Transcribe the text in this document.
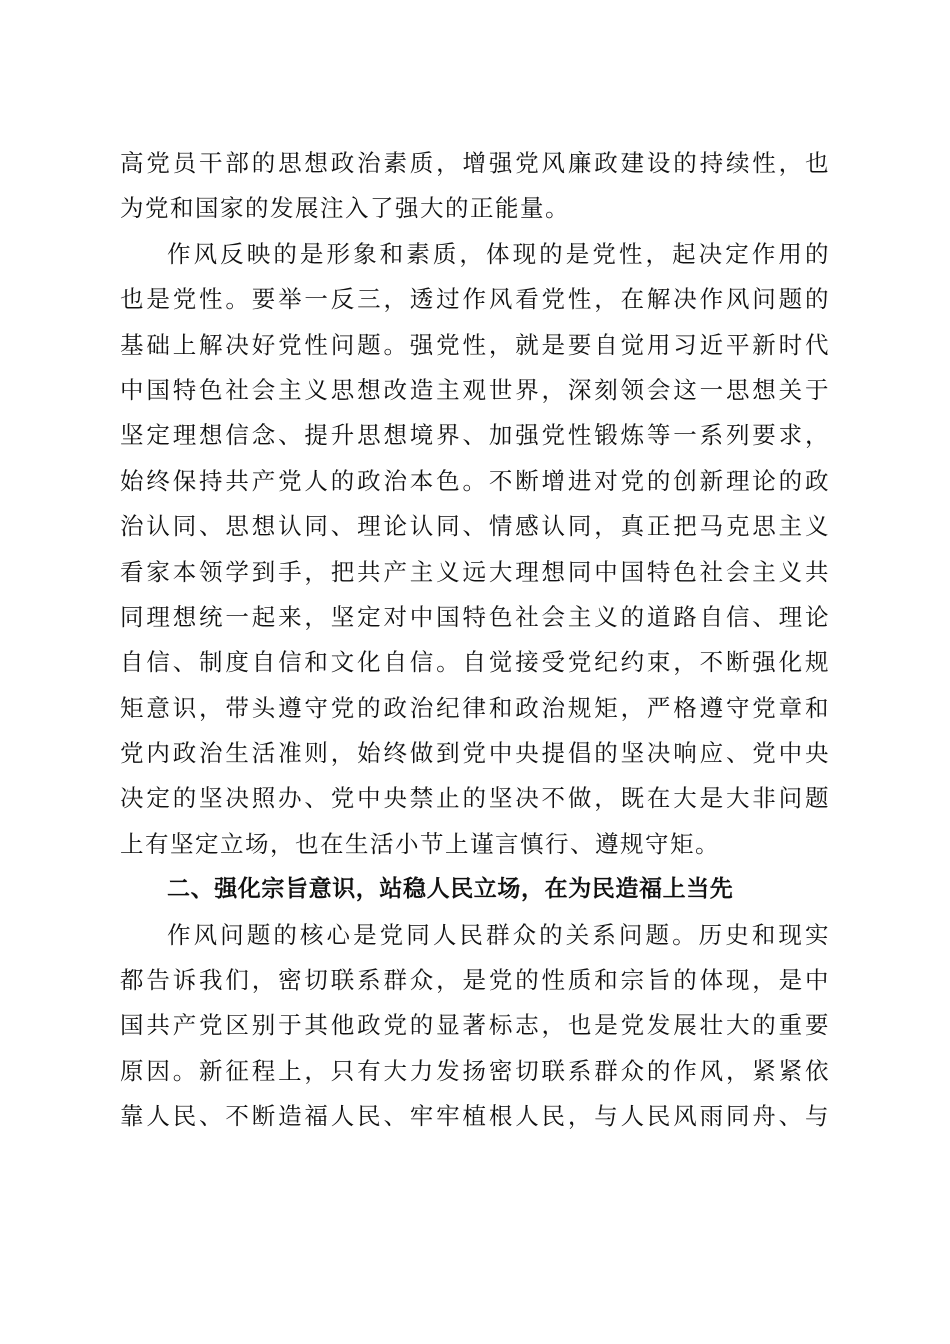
高党员干部的思想政治素质，增强党风廉政建设的持续性，也
为党和国家的发展注入了强大的正能量。
作风反映的是形象和素质，体现的是党性，起决定作用的
也是党性。要举一反三，透过作风看党性，在解决作风问题的
基础上解决好党性问题。强党性，就是要自觉用习近平新时代
中国特色社会主义思想改造主观世界，深刻领会这一思想关于
坚定理想信念、提升思想境界、加强党性锻炼等一系列要求，
始终保持共产党人的政治本色。不断增进对党的创新理论的政
治认同、思想认同、理论认同、情感认同，真正把马克思主义
看家本领学到手，把共产主义远大理想同中国特色社会主义共
同理想统一起来，坚定对中国特色社会主义的道路自信、理论
自信、制度自信和文化自信。自觉接受党纪约束，不断强化规
矩意识，带头遵守党的政治纪律和政治规矩，严格遵守党章和
党内政治生活准则，始终做到党中央提倡的坚决响应、党中央
决定的坚决照办、党中央禁止的坚决不做，既在大是大非问题
上有坚定立场，也在生活小节上谨言慎行、遵规守矩。
二、强化宗旨意识，站稳人民立场，在为民造福上当先
作风问题的核心是党同人民群众的关系问题。历史和现实
都告诉我们，密切联系群众，是党的性质和宗旨的体现，是中
国共产党区别于其他政党的显著标志，也是党发展壮大的重要
原因。新征程上，只有大力发扬密切联系群众的作风，紧紧依
靠人民、不断造福人民、牢牢植根人民，与人民风雨同舟、与
